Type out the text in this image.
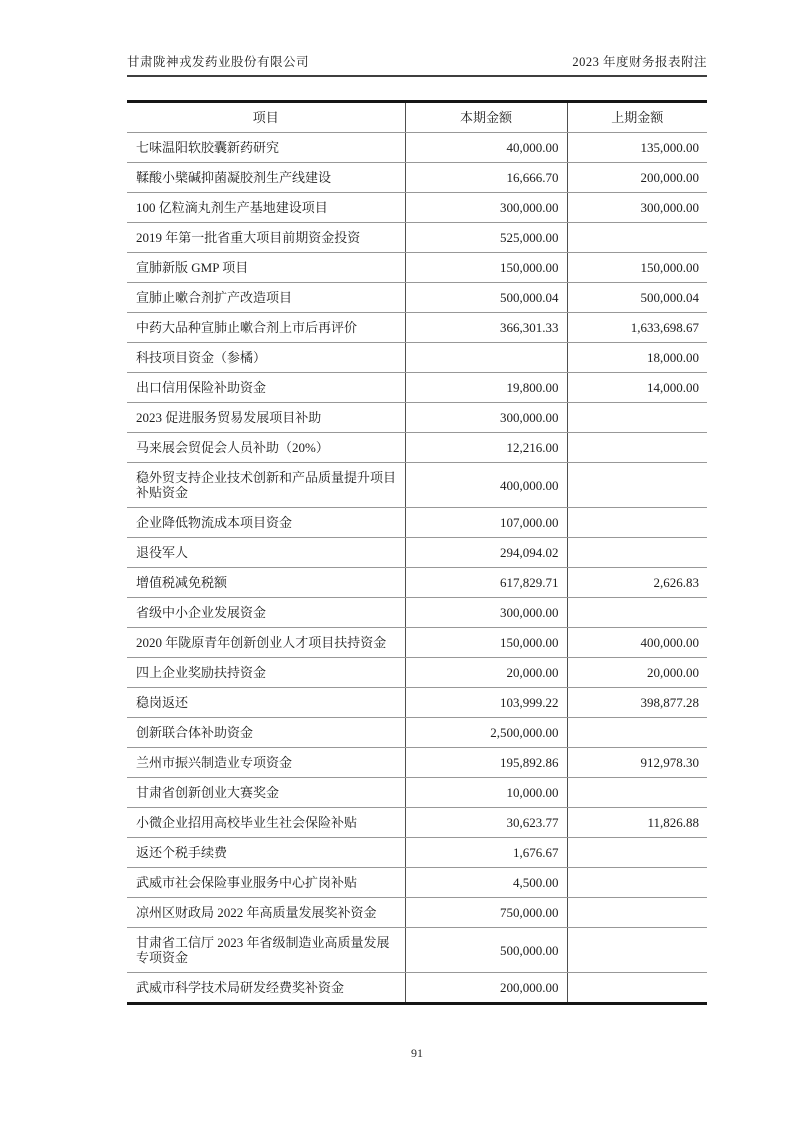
甘肃陇神戎发药业股份有限公司	2023 年度财务报表附注
项目	本期金额	上期金额
七味温阳软胶囊新药研究	40,000.00	135,000.00
鞣酸小檗碱抑菌凝胶剂生产线建设	16,666.70	200,000.00
100 亿粒滴丸剂生产基地建设项目	300,000.00	300,000.00
2019 年第一批省重大项目前期资金投资	525,000.00	
宣肺新版 GMP 项目	150,000.00	150,000.00
宣肺止嗽合剂扩产改造项目	500,000.04	500,000.04
中药大品种宣肺止嗽合剂上市后再评价	366,301.33	1,633,698.67
科技项目资金（参橘）		18,000.00
出口信用保险补助资金	19,800.00	14,000.00
2023 促进服务贸易发展项目补助	300,000.00	
马来展会贸促会人员补助（20%）	12,216.00	
稳外贸支持企业技术创新和产品质量提升项目补贴资金	400,000.00	
企业降低物流成本项目资金	107,000.00	
退役军人	294,094.02	
增值税减免税额	617,829.71	2,626.83
省级中小企业发展资金	300,000.00	
2020 年陇原青年创新创业人才项目扶持资金	150,000.00	400,000.00
四上企业奖励扶持资金	20,000.00	20,000.00
稳岗返还	103,999.22	398,877.28
创新联合体补助资金	2,500,000.00	
兰州市振兴制造业专项资金	195,892.86	912,978.30
甘肃省创新创业大赛奖金	10,000.00	
小微企业招用高校毕业生社会保险补贴	30,623.77	11,826.88
返还个税手续费	1,676.67	
武威市社会保险事业服务中心扩岗补贴	4,500.00	
凉州区财政局 2022 年高质量发展奖补资金	750,000.00	
甘肃省工信厅 2023 年省级制造业高质量发展专项资金	500,000.00	
武威市科学技术局研发经费奖补资金	200,000.00	
91
